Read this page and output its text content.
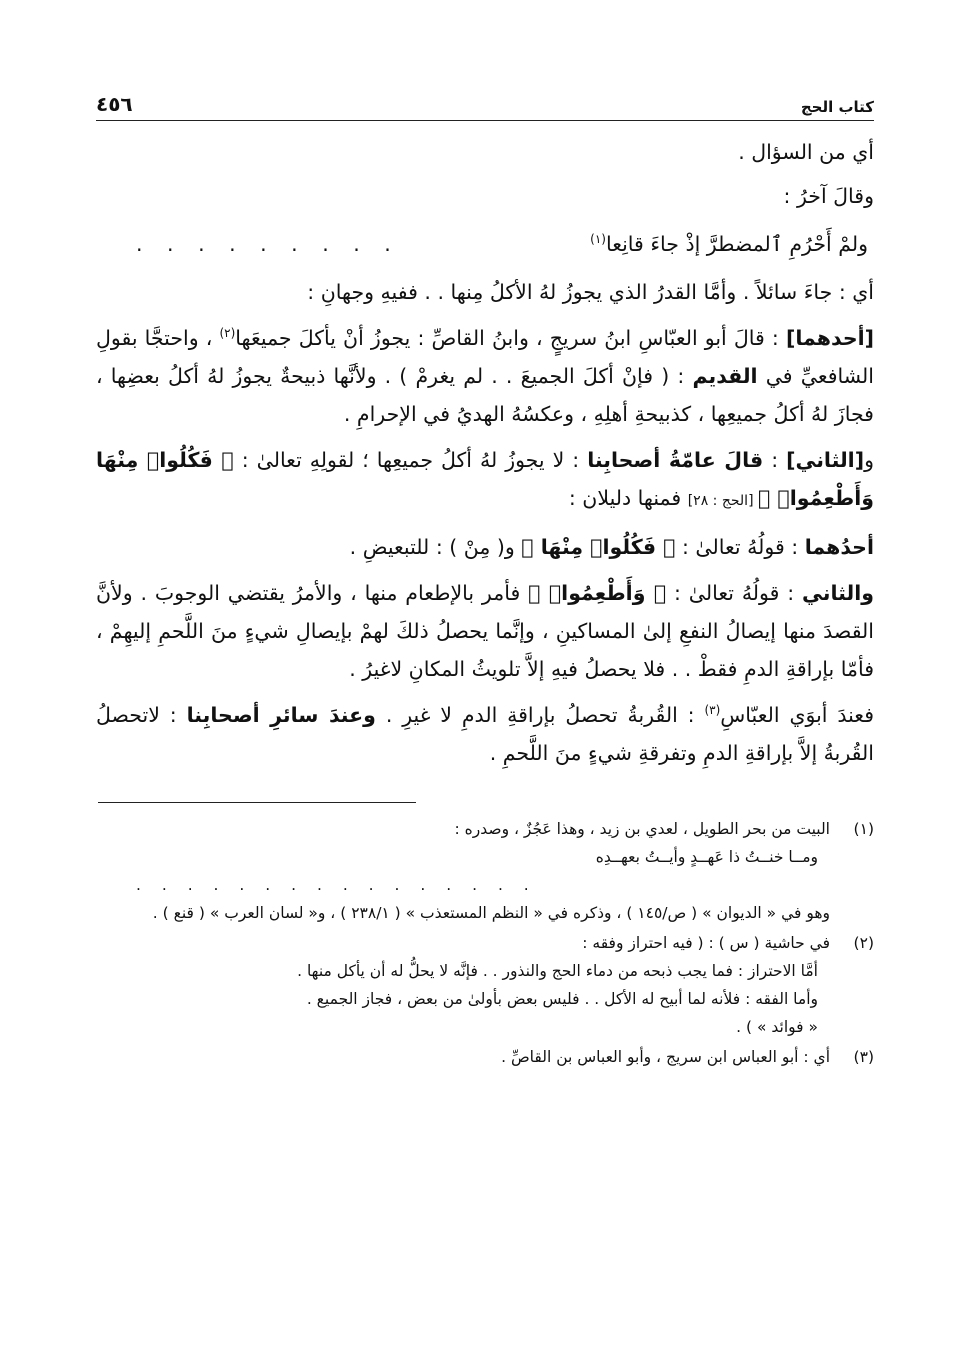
كتاب الحج
٤٥٦

أي من السؤال .

وقالَ آخرُ :

ولمْ أَحْرُمِ ٱلمضطرَّ إذْ جاءَ قانِعا$^{(١)}$
. . . . . . . . .

أي : جاءَ سائلاً . وأمَّا القدرُ الذي يجوزُ لهُ الأكلُ مِنها . . ففيهِ وجهانِ :

[أحدهما] : قالَ أبو العبّاسِ ابنُ سريجٍ ، وابنُ القاصِّ : يجوزُ أنْ يأكلَ جميعَها$^{(٢)}$ ، واحتجَّا بقولِ الشافعيِّ في القديم : ( فإنْ أكلَ الجميعَ . . لم يغرمْ ) . ولأنَّها ذبيحةٌ يجوزُ لهُ أكلُ بعضِها ، فجازَ لهُ أكلُ جميعِها ، كذبيحةِ أهلِهِ ، وعكسُهُ الهديُ في الإحرامِ .

و[الثاني] : قالَ عامّةُ أصحابِنا : لا يجوزُ لهُ أكلُ جميعِها ؛ لقولِهِ تعالىٰ : ﴿ فَكُلُوا۟ مِنْهَا وَأَطْعِمُوا۟ ﴾ [الحج : ٢٨] فمنها دليلان :

أحدُهما : قولُهُ تعالىٰ : ﴿ فَكُلُوا۟ مِنْهَا ﴾ و( مِنْ ) : للتبعيضِ .

والثاني : قولُهُ تعالىٰ : ﴿ وَأَطْعِمُوا۟ ﴾ فأمر بالإطعام منها ، والأمرُ يقتضي الوجوبَ . ولأنَّ القصدَ منها إيصالُ النفعِ إلىٰ المساكينِ ، وإنَّما يحصلُ ذلكَ لهمْ بإيصالِ شيءٍ منَ اللَّحمِ إليهِمْ ، فأمّا بإراقةِ الدمِ فقطْ . . فلا يحصلُ فيهِ إلاَّ تلويثُ المكانِ لاغيرُ .

فعندَ أبوَي العبّاسِ$^{(٣)}$ : القُربةُ تحصلُ بإراقةِ الدمِ لا غيرِ . وعندَ سائرِ أصحابِنا : لاتحصلُ القُربةُ إلاَّ بإراقةِ الدمِ وتفرقةِ شيءٍ منَ اللَّحمِ .

(١)
البيت من بحر الطويل ، لعدي بن زيد ، وهذا عَجُزٌ ، وصدره :
ومــا خنــتُ ذا عَهــدٍ وأيــتُ بعهــدِه
. . . . . . . . . . . . . . . .
وهو في « الديوان » ( ص/١٤٥ ) ، وذكره في « النظم المستعذب » ( ٢٣٨/١ ) ، و« لسان العرب » ( قنع ) .
(٢)
في حاشية ( س ) : ( فيه احتراز وفقه :
أمَّا الاحتراز : فما يجب ذبحه من دماء الحج والنذور . . فإنَّه لا يحلُّ له أن يأكل منها .
وأما الفقه : فلأنه لما أبيح له الأكل . . فليس بعض بأولىٰ من بعض ، فجاز الجميع .
« فوائد » ) .
(٣)
أي : أبو العباس ابن سريج ، وأبو العباس بن القاصِّ .
